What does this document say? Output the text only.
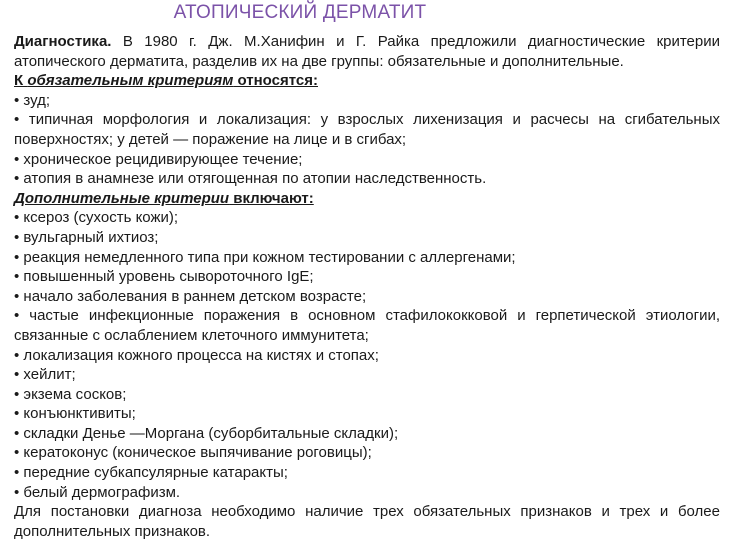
АТОПИЧЕСКИЙ ДЕРМАТИТ

Диагностика. В 1980 г. Дж. М.Ханифин и Г. Райка предложили диагностические критерии атопического дерматита, разделив их на две группы: обязательные и дополнительные.

К обязательным критериям относятся:

• зуд;

• типичная морфология и локализация: у взрослых лихенизация и расчесы на сгибательных поверхностях; у детей — поражение на лице и в сгибах;

• хроническое рецидивирующее течение;

• атопия в анамнезе или отягощенная по атопии наследственность.

Дополнительные критерии включают:

• ксероз (сухость кожи);

• вульгарный ихтиоз;

• реакция немедленного типа при кожном тестировании с аллергенами;

• повышенный уровень сывороточного IgE;

• начало заболевания в раннем детском возрасте;

• частые инфекционные поражения в основном стафилококковой и герпетической этиологии, связанные с ослаблением клеточного иммунитета;

• локализация кожного процесса на кистях и стопах;

• хейлит;

• экзема сосков;

• конъюнктивиты;

• складки Денье —Моргана (суборбитальные складки);

• кератоконус (коническое выпячивание роговицы);

• передние субкапсулярные катаракты;

• белый дермографизм.

Для постановки диагноза необходимо наличие трех обязательных признаков и трех и более дополнительных признаков.
